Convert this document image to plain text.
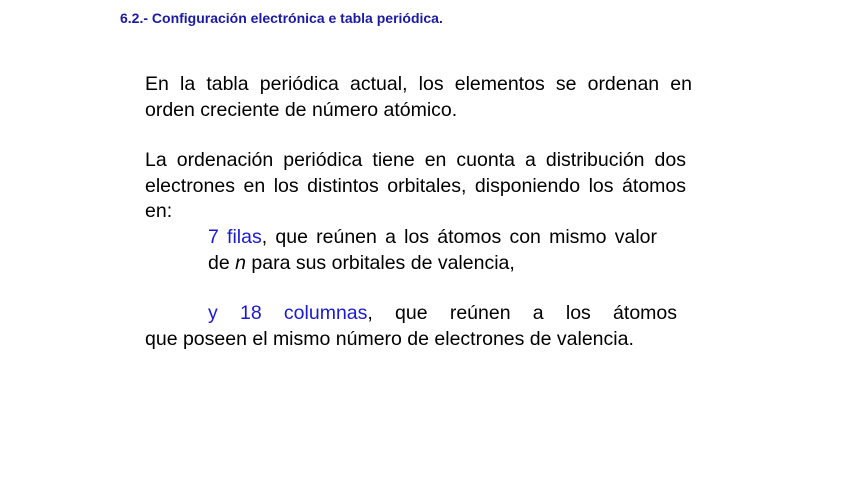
6.2.- Configuración electrónica e tabla periódica.
En la tabla periódica actual, los elementos se ordenan en orden creciente de número atómico.
La ordenación periódica tiene en cuonta a distribución dos electrones en los distintos orbitales, disponiendo los átomos en:
7 filas, que reúnen a los átomos con mismo valor de n para sus orbitales de valencia,
y 18 columnas, que reúnen a los átomos
que poseen el mismo número de electrones de valencia.
